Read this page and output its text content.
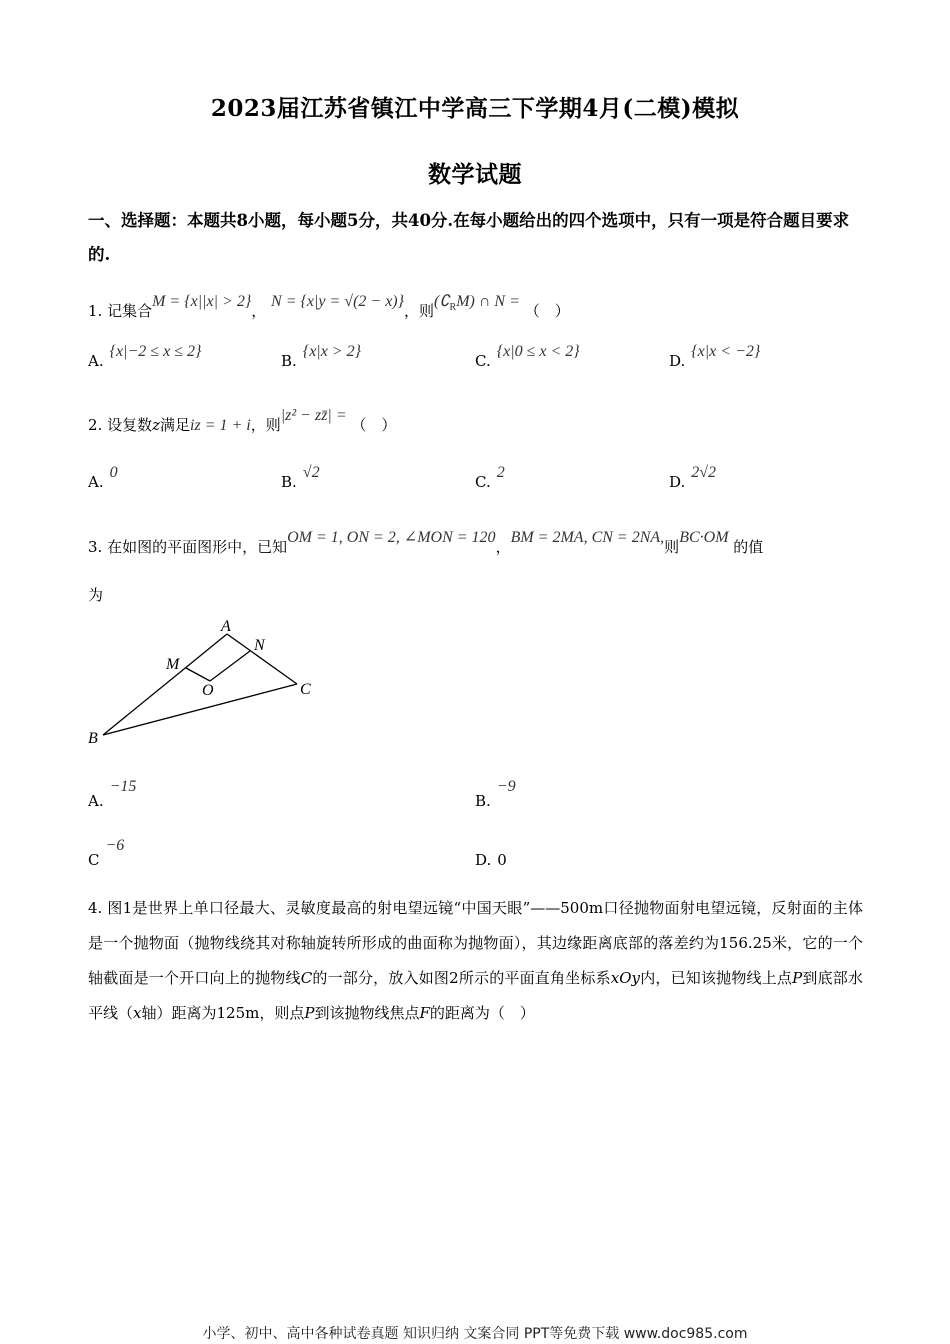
2023届江苏省镇江中学高三下学期4月(二模)模拟
数学试题
一、选择题：本题共8小题，每小题5分，共40分.在每小题给出的四个选项中，只有一项是符合题目要求的.
1. 记集合M = {x||x| > 2}， N = {x|y = √(2 − x)}，则$(∁_RM)$ ∩ N = （　）
A.{x|−2 ≤ x ≤ 2}
B.{x|x > 2}
C.{x|0 ≤ x < 2}
D.{x|x < −2}
2. 设复数z满足iz = 1 + i，则|z² − zz̄| = （　）
A.0
B.√2
C.2
D.2√2
3. 在如图的平面图形中，已知OM = 1, ON = 2, ∠MON = 120，BM = 2MA, CN = 2NA,则BC·OM 的值
为
A
M
N
O	C
B
A.−15
B.−9
C−6
D. 0
4. 图1是世界上单口径最大、灵敏度最高的射电望远镜“中国天眼”——500m口径抛物面射电望远镜，反射面的主体是一个抛物面（抛物线绕其对称轴旋转所形成的曲面称为抛物面），其边缘距离底部的落差约为156.25米，它的一个轴截面是一个开口向上的抛物线C的一部分，放入如图2所示的平面直角坐标系xOy内，已知该抛物线上点P到底部水平线（x轴）距离为125m，则点P到该抛物线焦点F的距离为（　）
小学、初中、高中各种试卷真题 知识归纳 文案合同 PPT等免费下载 www.doc985.com
